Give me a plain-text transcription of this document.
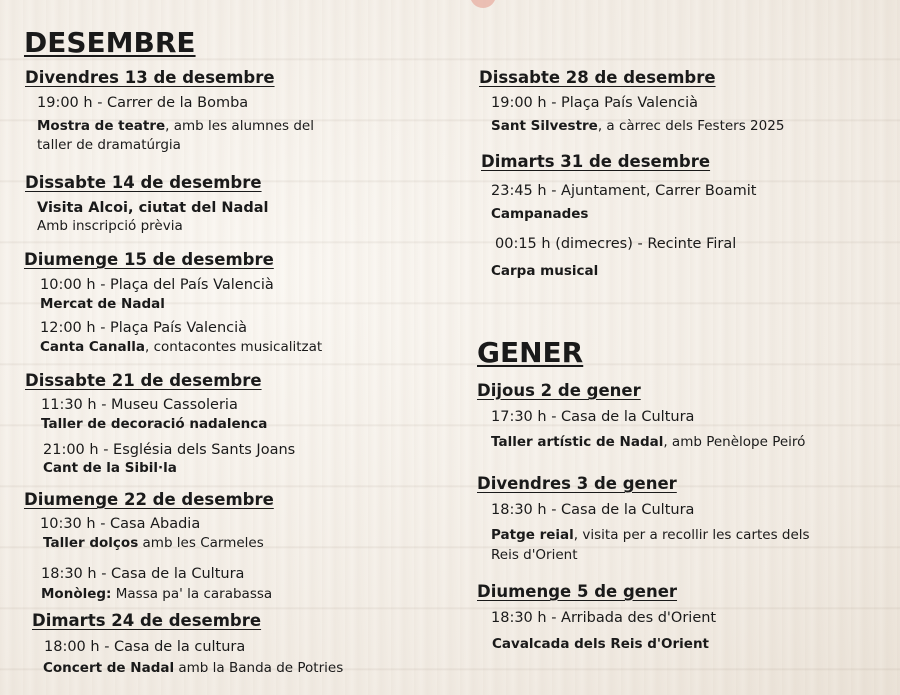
DESEMBRE
Divendres 13 de desembre
19:00 h - Carrer de la Bomba
Mostra de teatre, amb les alumnes del
taller de dramatúrgia
Dissabte 14 de desembre
Visita Alcoi, ciutat del Nadal
Amb inscripció prèvia
Diumenge 15 de desembre
10:00 h - Plaça del País Valencià
Mercat de Nadal
12:00 h - Plaça País Valencià
Canta Canalla, contacontes musicalitzat
Dissabte 21 de desembre
11:30 h - Museu Cassoleria
Taller de decoració nadalenca
21:00 h - Església dels Sants Joans
Cant de la Sibil·la
Diumenge 22 de desembre
10:30 h - Casa Abadia
Taller dolços amb les Carmeles
18:30 h - Casa de la Cultura
Monòleg: Massa pa' la carabassa
Dimarts 24 de desembre
18:00 h - Casa de la cultura
Concert de Nadal amb la Banda de Potries
Dissabte 28 de desembre
19:00 h - Plaça País Valencià
Sant Silvestre, a càrrec dels Festers 2025
Dimarts 31 de desembre
23:45 h - Ajuntament, Carrer Boamit
Campanades
00:15 h (dimecres) - Recinte Firal
Carpa musical
GENER
Dijous 2 de gener
17:30 h - Casa de la Cultura
Taller artístic de Nadal, amb Penèlope Peiró
Divendres 3 de gener
18:30 h - Casa de la Cultura
Patge reial, visita per a recollir les cartes dels
Reis d'Orient
Diumenge 5 de gener
18:30 h - Arribada des d'Orient
Cavalcada dels Reis d'Orient
